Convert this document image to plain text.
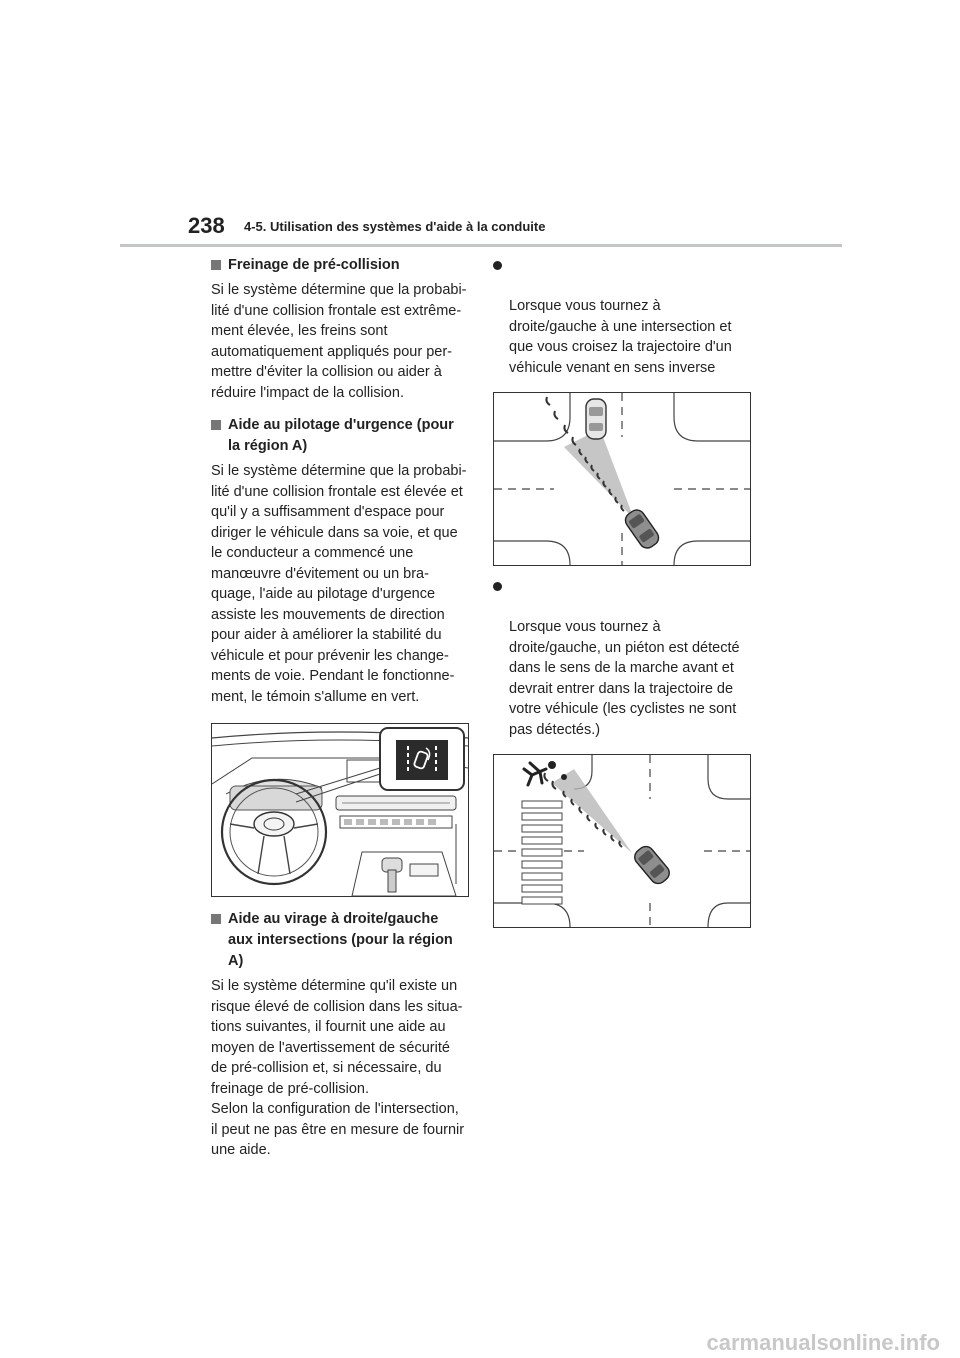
238 4-5. Utilisation des systèmes d'aide à la conduite
Freinage de pré-collision
Si le système détermine que la probabi-
lité d'une collision frontale est extrême-
ment élevée, les freins sont
automatiquement appliqués pour per-
mettre d'éviter la collision ou aider à
réduire l'impact de la collision.
Aide au pilotage d'urgence (pour
la région A)
Si le système détermine que la probabi-
lité d'une collision frontale est élevée et
qu'il y a suffisamment d'espace pour
diriger le véhicule dans sa voie, et que
le conducteur a commencé une
manœuvre d'évitement ou un bra-
quage, l'aide au pilotage d'urgence
assiste les mouvements de direction
pour aider à améliorer la stabilité du
véhicule et pour prévenir les change-
ments de voie. Pendant le fonctionne-
ment, le témoin s'allume en vert.
Aide au virage à droite/gauche
aux intersections (pour la région
A)
Si le système détermine qu'il existe un
risque élevé de collision dans les situa-
tions suivantes, il fournit une aide au
moyen de l'avertissement de sécurité
de pré-collision et, si nécessaire, du
freinage de pré-collision.
Selon la configuration de l'intersection,
il peut ne pas être en mesure de fournir
une aide.

Lorsque vous tournez à
droite/gauche à une intersection et
que vous croisez la trajectoire d'un
véhicule venant en sens inverse

Lorsque vous tournez à
droite/gauche, un piéton est détecté
dans le sens de la marche avant et
devrait entrer dans la trajectoire de
votre véhicule (les cyclistes ne sont
pas détectés.)

carmanualsonline.info
